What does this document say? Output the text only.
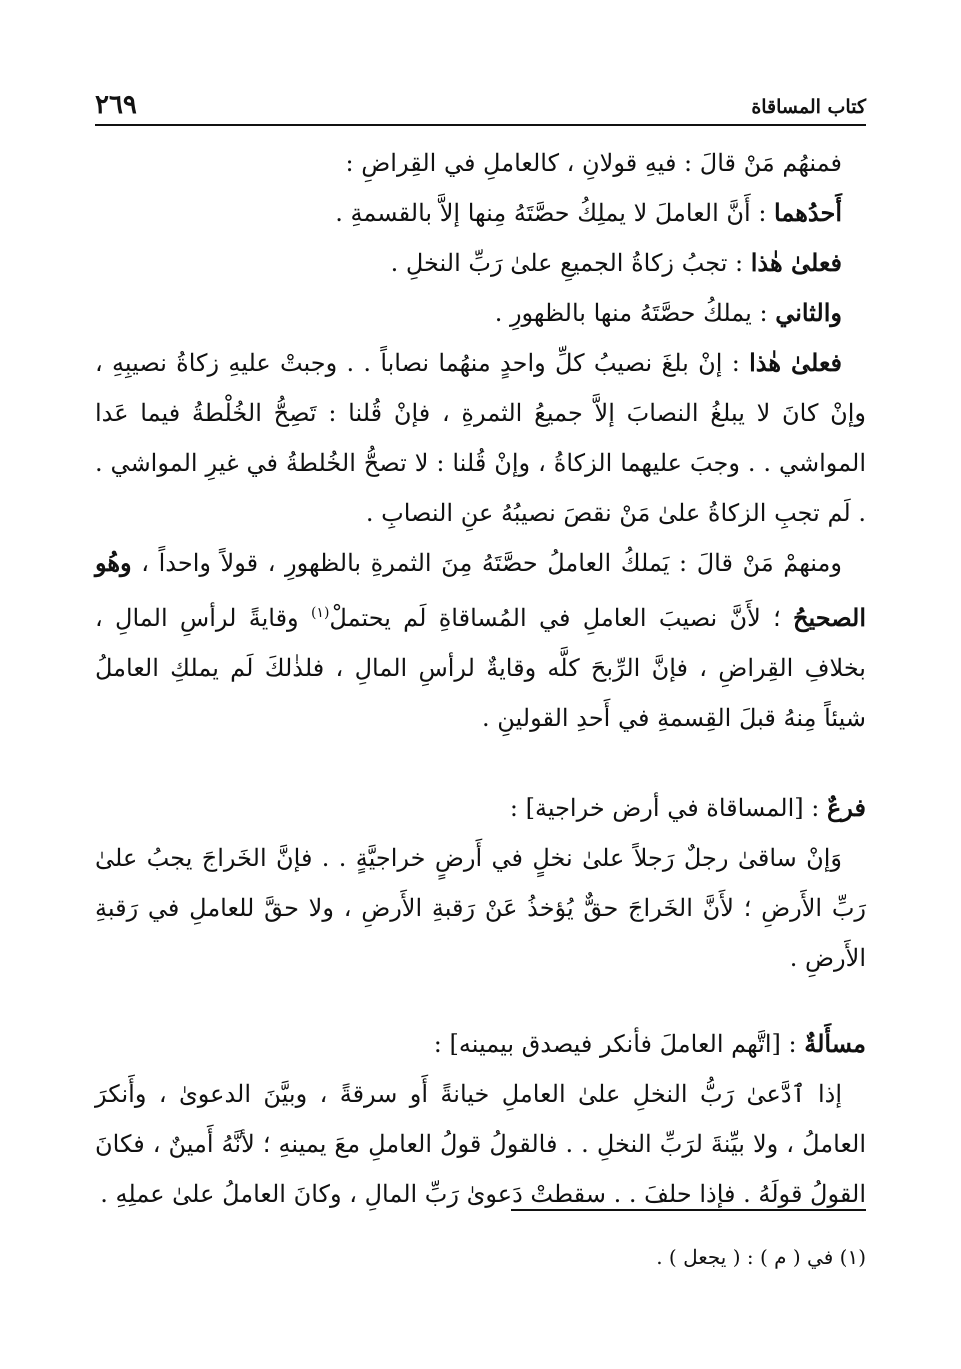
٢٦٩	كتاب المساقاة

فمنهُم مَنْ قالَ : فيهِ قولانِ ، كالعاملِ في القِراضِ :

أَحدُهما : أَنَّ العاملَ لا يملِكُ حصَّتَهُ مِنها إلاَّ بالقسمةِ .

فعلىٰ هٰذا : تجبُ زكاةُ الجميعِ علىٰ رَبِّ النخلِ .

والثاني : يملكُ حصَّتَهُ منها بالظهورِ .

فعلىٰ هٰذا : إنْ بلغَ نصيبُ كلِّ واحدٍ منهُما نصاباً . . وجبتْ عليهِ زكاةُ نصيبِهِ ، وإنْ كانَ لا يبلغُ النصابَ إلاَّ جميعُ الثمرةِ ، فإنْ قُلنا : تَصِحُّ الخُلْطةُ فيما عَدا المواشي . . وجبَ عليهما الزكاةُ ، وإنْ قُلنا : لا تصحُّ الخُلطةُ في غيرِ المواشي . . لَم تجبِ الزكاةُ علىٰ مَنْ نقصَ نصيبُهُ عنِ النصابِ .

ومنهمْ مَنْ قالَ : يَملكُ العاملُ حصَّتَهُ مِنَ الثمرةِ بالظهورِ ، قولاً واحداً ، وهُو الصحيحُ ؛ لأَنَّ نصيبَ العاملِ في المُساقاةِ لَم يحتملْ$^{(١)}$ وقايةً لرأسِ المالِ ، بخلافِ القِراضِ ، فإنَّ الرِّبحَ كلَّه وقايةٌ لرأسِ المالِ ، فلذٰلكَ لَم يملكِ العاملُ شيئاً مِنهُ قبلَ القِسمةِ في أَحدِ القولينِ .

فرعٌ : [المساقاة في أرض خراجية] :

وَإنْ ساقىٰ رجلٌ رَجلاً علىٰ نخلٍ في أَرضٍ خراجيَّةٍ . . فإنَّ الخَراجَ يجبُ علىٰ رَبِّ الأَرضِ ؛ لأَنَّ الخَراجَ حقٌّ يُؤخذُ عَنْ رَقبةِ الأَرضِ ، ولا حقَّ للعاملِ في رَقبةِ الأَرضِ .

مسأَلةٌ : [اتَّهم العاملَ فأنكر فيصدق بيمينه] :

إذا ٱدَّعىٰ رَبُّ النخلِ علىٰ العاملِ خيانةً أَو سرقةً ، وبيَّنَ الدعوىٰ ، وأَنكرَ العاملُ ، ولا بيِّنةَ لرَبِّ النخلِ . . فالقولُ قولُ العاملِ معَ يمينهِ ؛ لأنَّهُ أَمينٌ ، فكانَ القولُ قولَهُ . فإذا حلفَ . . سقطتْ دَعوىٰ رَبِّ المالِ ، وكانَ العاملُ علىٰ عملِهِ .

(١) في ( م ) : ( يجعل ) .
